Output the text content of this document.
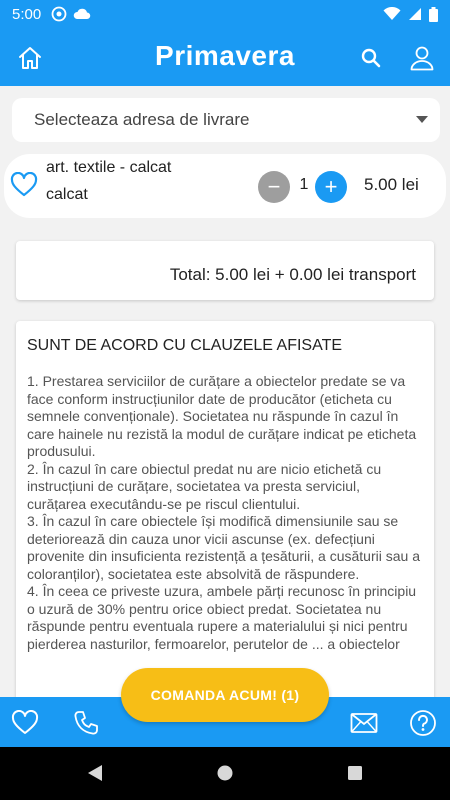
5:00
Primavera
Selecteaza adresa de livrare
art. textile - calcat
calcat	−	1 +	5.00 lei
Total: 5.00 lei + 0.00 lei transport
SUNT DE ACORD CU CLAUZELE AFISATE

1. Prestarea serviciilor de curățare a obiectelor predate se va face conform instrucțiunilor date de producător (eticheta cu semnele convenționale). Societatea nu răspunde în cazul în care hainele nu rezistă la modul de curățare indicat pe eticheta produsului.

2. În cazul în care obiectul predat nu are nicio etichetă cu instrucțiuni de curățare, societatea va presta serviciul, curățarea executându-se pe riscul clientului.

3. În cazul în care obiectele își modifică dimensiunile sau se deteriorează din cauza unor vicii ascunse (ex. defecțiuni provenite din insuficienta rezistență a țesăturii, a cusăturii sau a coloranților), societatea este absolvită de răspundere.

4. În ceea ce priveste uzura, ambele părți recunosc în principiu o uzură de 30% pentru orice obiect predat. Societatea nu răspunde pentru eventuala rupere a materialului și nici pentru pierderea nasturilor, fermoarelor, perutelor de ... a obiectelor

COMANDA ACUM! (1)
